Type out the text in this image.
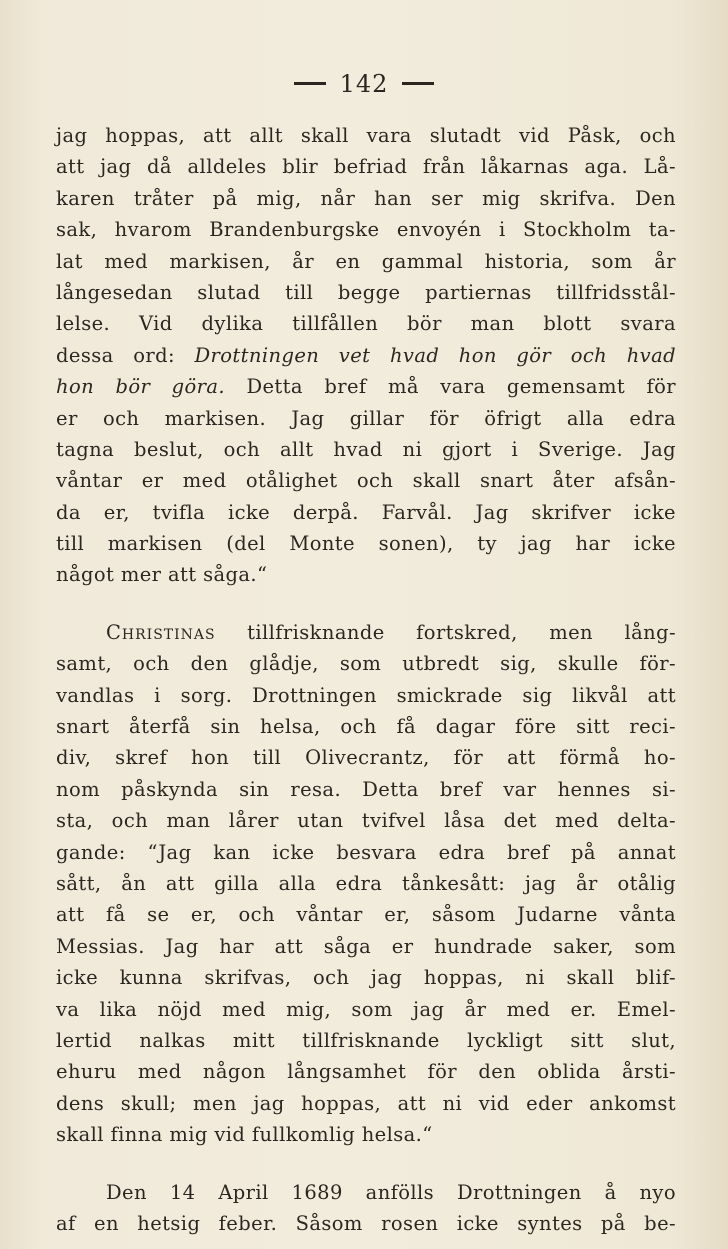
142
jag hoppas, att allt skall vara slutadt vid Påsk, och
att jag då alldeles blir befriad från låkarnas aga. Lå-
karen tråter på mig, når han ser mig skrifva. Den
sak, hvarom Brandenburgske envoyén i Stockholm ta-
lat med markisen, år en gammal historia, som år
långesedan slutad till begge partiernas tillfridsstål-
lelse. Vid dylika tillfållen bör man blott svara
dessa ord: Drottningen vet hvad hon gör och hvad
hon bör göra. Detta bref må vara gemensamt för
er och markisen. Jag gillar för öfrigt alla edra
tagna beslut, och allt hvad ni gjort i Sverige. Jag
våntar er med otålighet och skall snart åter afsån-
da er, tvifla icke derpå. Farvål. Jag skrifver icke
till markisen (del Monte sonen), ty jag har icke
något mer att såga.“
Christinas tillfrisknande fortskred, men lång-
samt, och den glådje, som utbredt sig, skulle för-
vandlas i sorg. Drottningen smickrade sig likvål att
snart återfå sin helsa, och få dagar före sitt reci-
div, skref hon till Olivecrantz, för att förmå ho-
nom påskynda sin resa. Detta bref var hennes si-
sta, och man lårer utan tvifvel låsa det med delta-
gande: “Jag kan icke besvara edra bref på annat
sått, ån att gilla alla edra tånkesått: jag år otålig
att få se er, och våntar er, såsom Judarne vånta
Messias. Jag har att såga er hundrade saker, som
icke kunna skrifvas, och jag hoppas, ni skall blif-
va lika nöjd med mig, som jag år med er. Emel-
lertid nalkas mitt tillfrisknande lyckligt sitt slut,
ehuru med någon långsamhet för den oblida årsti-
dens skull; men jag hoppas, att ni vid eder ankomst
skall finna mig vid fullkomlig helsa.“
Den 14 April 1689 anfölls Drottningen å nyo
af en hetsig feber. Såsom rosen icke syntes på be-
